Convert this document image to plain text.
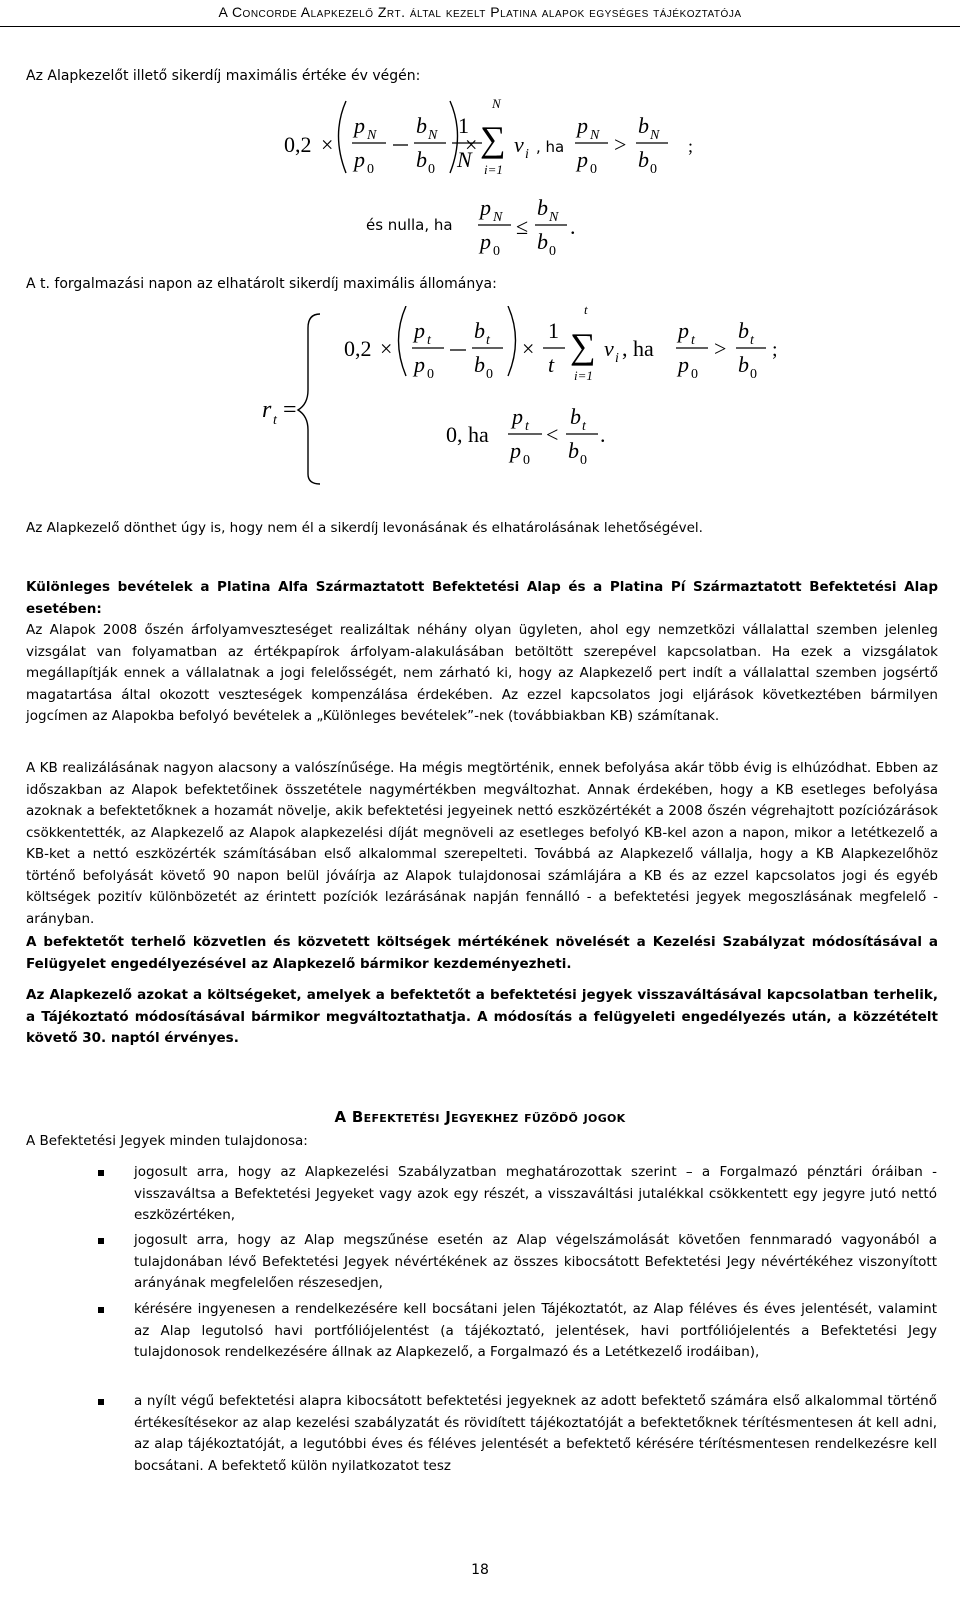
A Concorde Alapkezelő Zrt. által kezelt Platina alapok egységes tájékoztatója
Az Alapkezelőt illető sikerdíj maximális értéke év végén:
0,2 ×
p N
p 0
b N
b 0
×
1
N
N
∑
i=1
v i , ha
p N
p 0
>
b N
b 0
;
és nulla, ha
p N
p 0
≤
b N
b 0
.
A t. forgalmazási napon az elhatárolt sikerdíj maximális állománya:
r t =
0,2 ×
p t
p 0
b t
b 0
×
1
t
t
∑
i=1
v i , ha
p t
p 0
>
b t
b 0
;
0, ha
p t
p 0
<
b t
b 0
.
Az Alapkezelő dönthet úgy is, hogy nem él a sikerdíj levonásának és elhatárolásának lehetőségével.
Különleges bevételek a Platina Alfa Származtatott Befektetési Alap és a Platina Pí Származtatott Befektetési Alap esetében:
Az Alapok 2008 őszén árfolyamveszteséget realizáltak néhány olyan ügyleten, ahol egy nemzetközi vállalattal szemben jelenleg vizsgálat van folyamatban az értékpapírok árfolyam-alakulásában betöltött szerepével kapcsolatban. Ha ezek a vizsgálatok megállapítják ennek a vállalatnak a jogi felelősségét, nem zárható ki, hogy az Alapkezelő pert indít a vállalattal szemben jogsértő magatartása által okozott veszteségek kompenzálása érdekében. Az ezzel kapcsolatos jogi eljárások következtében bármilyen jogcímen az Alapokba befolyó bevételek a „Különleges bevételek”-nek (továbbiakban KB) számítanak.
A KB realizálásának nagyon alacsony a valószínűsége. Ha mégis megtörténik, ennek befolyása akár több évig is elhúzódhat. Ebben az időszakban az Alapok befektetőinek összetétele nagymértékben megváltozhat. Annak érdekében, hogy a KB esetleges befolyása azoknak a befektetőknek a hozamát növelje, akik befektetési jegyeinek nettó eszközértékét a 2008 őszén végrehajtott pozíciózárások csökkentették, az Alapkezelő az Alapok alapkezelési díját megnöveli az esetleges befolyó KB-kel azon a napon, mikor a letétkezelő a KB-ket a nettó eszközérték számításában első alkalommal szerepelteti. Továbbá az Alapkezelő vállalja, hogy a KB Alapkezelőhöz történő befolyását követő 90 napon belül jóváírja az Alapok tulajdonosai számlájára a KB és az ezzel kapcsolatos jogi és egyéb költségek pozitív különbözetét az érintett pozíciók lezárásának napján fennálló - a befektetési jegyek megoszlásának megfelelő - arányban.
A befektetőt terhelő közvetlen és közvetett költségek mértékének növelését a Kezelési Szabályzat módosításával a Felügyelet engedélyezésével az Alapkezelő bármikor kezdeményezheti.
Az Alapkezelő azokat a költségeket, amelyek a befektetőt a befektetési jegyek visszaváltásával kapcsolatban terhelik, a Tájékoztató módosításával bármikor megváltoztathatja. A módosítás a felügyeleti engedélyezés után, a közzétételt követő 30. naptól érvényes.
A Befektetési Jegyekhez fűződő jogok
A Befektetési Jegyek minden tulajdonosa:
jogosult arra, hogy az Alapkezelési Szabályzatban meghatározottak szerint – a Forgalmazó pénztári óráiban - visszaváltsa a Befektetési Jegyeket vagy azok egy részét, a visszaváltási jutalékkal csökkentett egy jegyre jutó nettó eszközértéken,
jogosult arra, hogy az Alap megszűnése esetén az Alap végelszámolását követően fennmaradó vagyonából a tulajdonában lévő Befektetési Jegyek névértékének az összes kibocsátott Befektetési Jegy névértékéhez viszonyított arányának megfelelően részesedjen,
kérésére ingyenesen a rendelkezésére kell bocsátani jelen Tájékoztatót, az Alap féléves és éves jelentését, valamint az Alap legutolsó havi portfóliójelentést (a tájékoztató, jelentések, havi portfóliójelentés a Befektetési Jegy tulajdonosok rendelkezésére állnak az Alapkezelő, a Forgalmazó és a Letétkezelő irodáiban),
a nyílt végű befektetési alapra kibocsátott befektetési jegyeknek az adott befektető számára első alkalommal történő értékesítésekor az alap kezelési szabályzatát és rövidített tájékoztatóját a befektetőknek térítésmentesen át kell adni, az alap tájékoztatóját, a legutóbbi éves és féléves jelentését a befektető kérésére térítésmentesen rendelkezésre kell bocsátani. A befektető külön nyilatkozatot tesz
18
